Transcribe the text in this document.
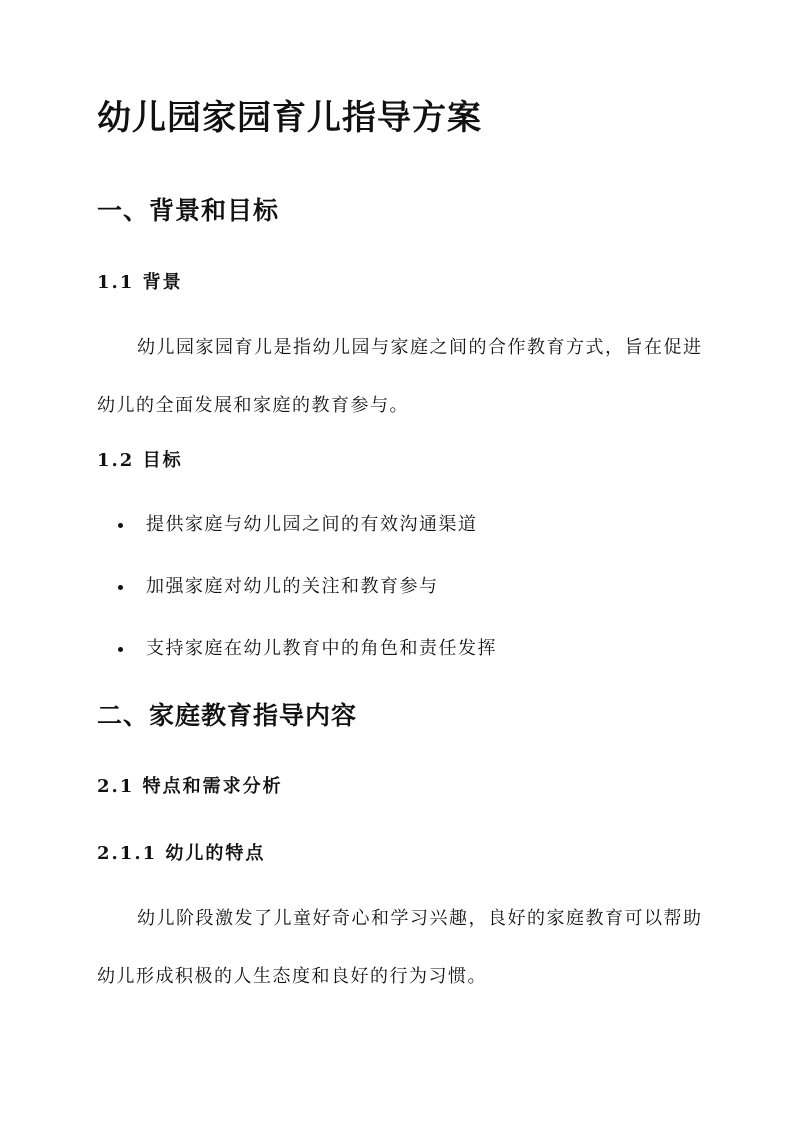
幼儿园家园育儿指导方案
一、背景和目标
1.1 背景

幼儿园家园育儿是指幼儿园与家庭之间的合作教育方式，旨在促进幼儿的全面发展和家庭的教育参与。

1.2 目标
提供家庭与幼儿园之间的有效沟通渠道
加强家庭对幼儿的关注和教育参与
支持家庭在幼儿教育中的角色和责任发挥
二、家庭教育指导内容
2.1 特点和需求分析
2.1.1 幼儿的特点

幼儿阶段激发了儿童好奇心和学习兴趣，良好的家庭教育可以帮助幼儿形成积极的人生态度和良好的行为习惯。
